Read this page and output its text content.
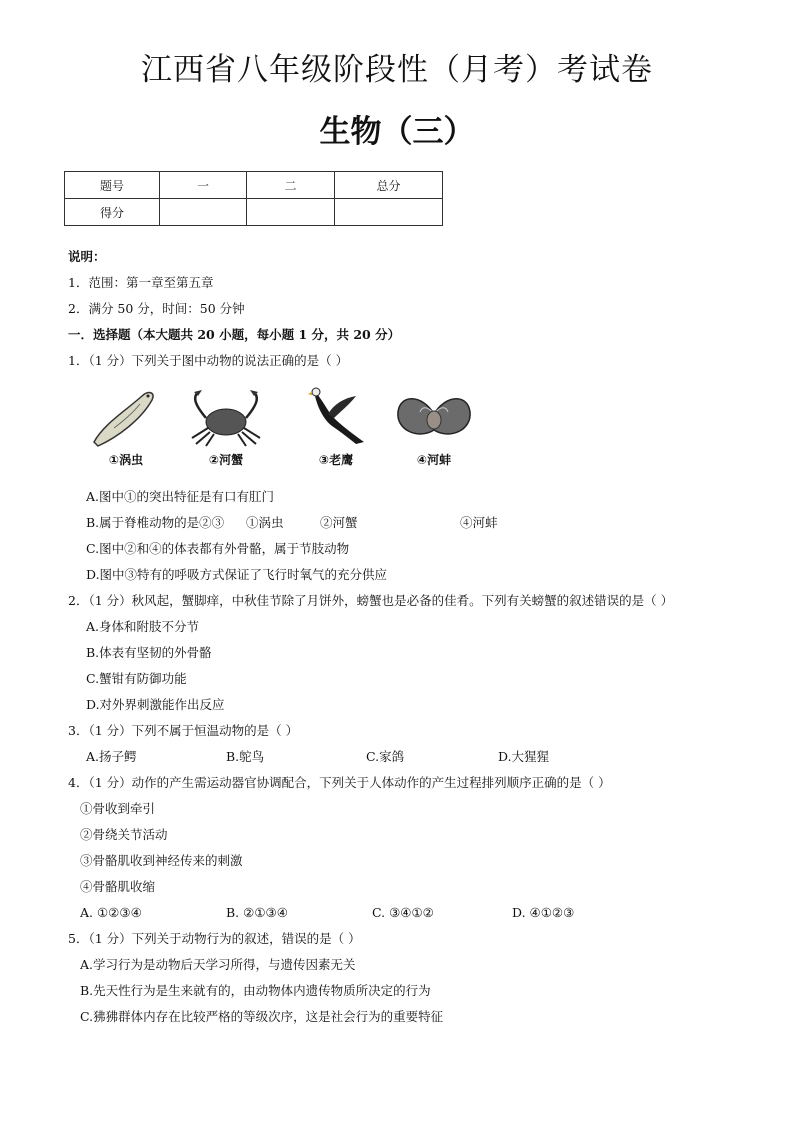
江西省八年级阶段性（月考）考试卷
生物（三）
题号	一	二	总分
得分			
说明：
1．范围：第一章至第五章
2．满分 50 分，时间：50 分钟
一．选择题（本大题共 20 小题，每小题 1 分，共 20 分）
1．（1 分）下列关于图中动物的说法正确的是（ ）
①涡虫	②河蟹	③老鹰	④河蚌
A.图中①的突出特征是有口有肛门
B.属于脊椎动物的是②③ ①涡虫	②河蟹	④河蚌
C.图中②和④的体表都有外骨骼，属于节肢动物
D.图中③特有的呼吸方式保证了飞行时氧气的充分供应
2．（1 分）秋风起，蟹脚痒，中秋佳节除了月饼外，螃蟹也是必备的佳肴。下列有关螃蟹的叙述错误的是（ ）
A.身体和附肢不分节
B.体表有坚韧的外骨骼
C.蟹钳有防御功能
D.对外界刺激能作出反应
3．（1 分）下列不属于恒温动物的是（ ）
A.扬子鳄	B.鸵鸟	C.家鸽	D.大猩猩
4．（1 分）动作的产生需运动器官协调配合，下列关于人体动作的产生过程排列顺序正确的是（ ）
①骨收到牵引
②骨绕关节活动
③骨骼肌收到神经传来的刺激
④骨骼肌收缩
A. ①②③④	B. ②①③④	C. ③④①②	D. ④①②③
5．（1 分）下列关于动物行为的叙述，错误的是（ ）
A.学习行为是动物后天学习所得，与遗传因素无关
B.先天性行为是生来就有的，由动物体内遗传物质所决定的行为
C.狒狒群体内存在比较严格的等级次序，这是社会行为的重要特征
